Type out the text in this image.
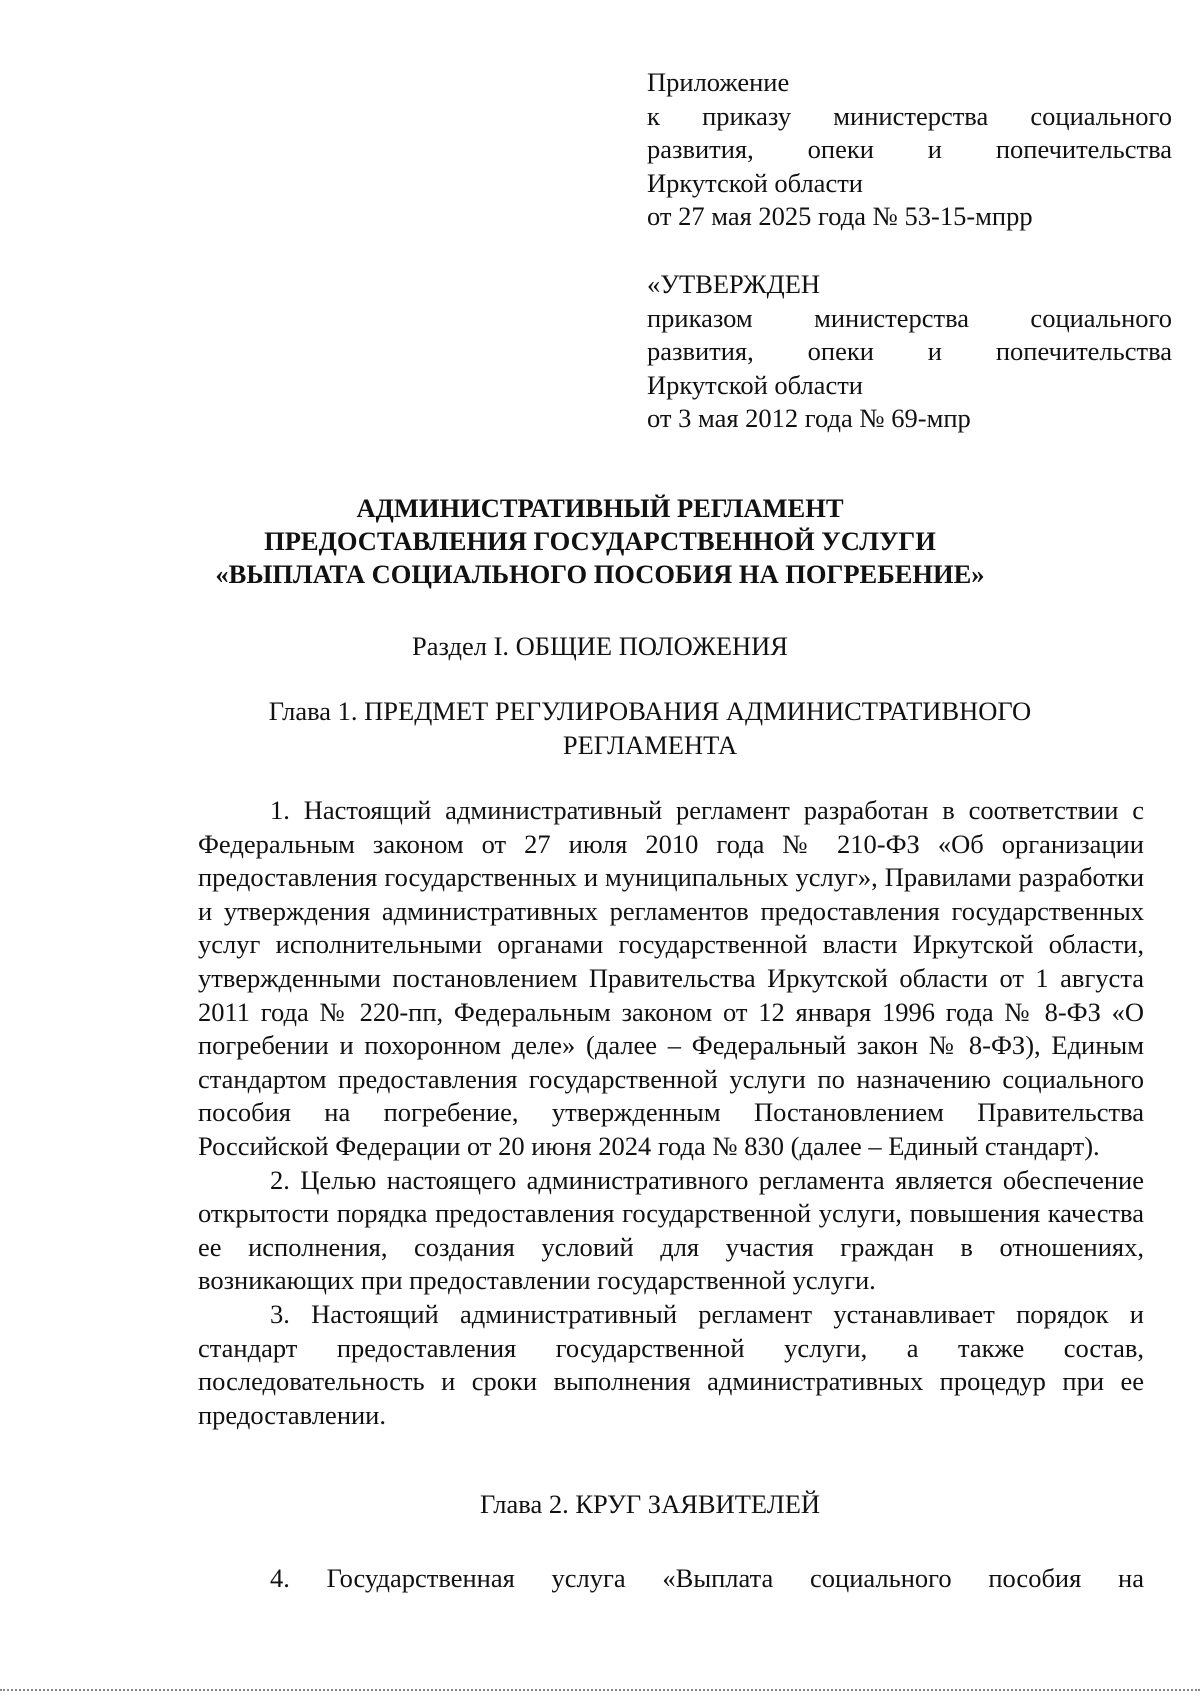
Приложение
к приказу министерства социального
развития, опеки и попечительства
Иркутской области
от 27 мая 2025 года № 53-15-мпрр
«УТВЕРЖДЕН
приказом министерства социального
развития, опеки и попечительства
Иркутской области
от 3 мая 2012 года № 69-мпр
АДМИНИСТРАТИВНЫЙ РЕГЛАМЕНТ
ПРЕДОСТАВЛЕНИЯ ГОСУДАРСТВЕННОЙ УСЛУГИ
«ВЫПЛАТА СОЦИАЛЬНОГО ПОСОБИЯ НА ПОГРЕБЕНИЕ»
Раздел I. ОБЩИЕ ПОЛОЖЕНИЯ
Глава 1. ПРЕДМЕТ РЕГУЛИРОВАНИЯ АДМИНИСТРАТИВНОГО
РЕГЛАМЕНТА

1. Настоящий административный регламент разработан в соответствии с Федеральным законом от 27 июля 2010 года № 210-ФЗ «Об организации предоставления государственных и муниципальных услуг», Правилами разработки и утверждения административных регламентов предоставления государственных услуг исполнительными органами государственной власти Иркутской области, утвержденными постановлением Правительства Иркутской области от 1 августа 2011 года № 220-пп, Федеральным законом от 12 января 1996 года № 8-ФЗ «О погребении и похоронном деле» (далее – Федеральный закон № 8-ФЗ), Единым стандартом предоставления государственной услуги по назначению социального пособия на погребение, утвержденным Постановлением Правительства Российской Федерации от 20 июня 2024 года № 830 (далее – Единый стандарт).

2. Целью настоящего административного регламента является обеспечение открытости порядка предоставления государственной услуги, повышения качества ее исполнения, создания условий для участия граждан в отношениях, возникающих при предоставлении государственной услуги.

3. Настоящий административный регламент устанавливает порядок и стандарт предоставления государственной услуги, а также состав, последовательность и сроки выполнения административных процедур при ее предоставлении.

Глава 2. КРУГ ЗАЯВИТЕЛЕЙ
4. Государственная услуга «Выплата социального пособия на
